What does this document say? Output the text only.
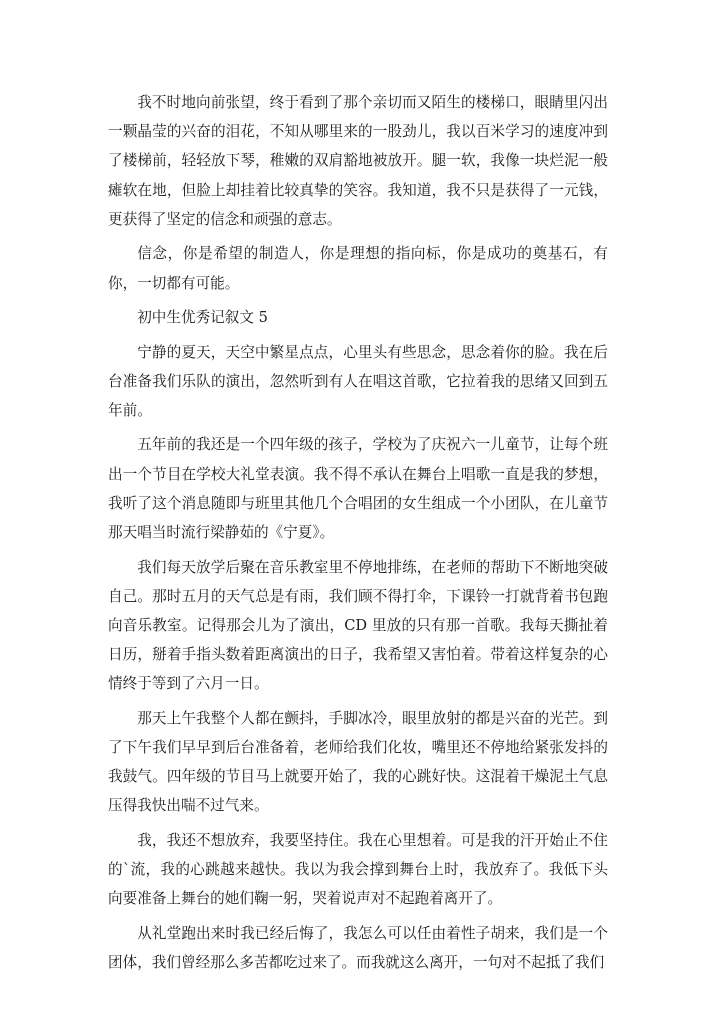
我不时地向前张望，终于看到了那个亲切而又陌生的楼梯口，眼睛里闪出一颗晶莹的兴奋的泪花，不知从哪里来的一股劲儿，我以百米学习的速度冲到了楼梯前，轻轻放下琴，稚嫩的双肩豁地被放开。腿一软，我像一块烂泥一般瘫软在地，但脸上却挂着比较真挚的笑容。我知道，我不只是获得了一元钱，更获得了坚定的信念和顽强的意志。

信念，你是希望的制造人，你是理想的指向标，你是成功的奠基石，有你，一切都有可能。

初中生优秀记叙文 5

宁静的夏天，天空中繁星点点，心里头有些思念，思念着你的脸。我在后台准备我们乐队的演出，忽然听到有人在唱这首歌，它拉着我的思绪又回到五年前。

五年前的我还是一个四年级的孩子，学校为了庆祝六一儿童节，让每个班出一个节目在学校大礼堂表演。我不得不承认在舞台上唱歌一直是我的梦想，我听了这个消息随即与班里其他几个合唱团的女生组成一个小团队，在儿童节那天唱当时流行梁静茹的《宁夏》。

我们每天放学后聚在音乐教室里不停地排练，在老师的帮助下不断地突破自己。那时五月的天气总是有雨，我们顾不得打伞，下课铃一打就背着书包跑向音乐教室。记得那会儿为了演出，CD 里放的只有那一首歌。我每天撕扯着日历，掰着手指头数着距离演出的日子，我希望又害怕着。带着这样复杂的心情终于等到了六月一日。

那天上午我整个人都在颤抖，手脚冰冷，眼里放射的都是兴奋的光芒。到了下午我们早早到后台准备着，老师给我们化妆，嘴里还不停地给紧张发抖的我鼓气。四年级的节目马上就要开始了，我的心跳好快。这混着干燥泥土气息压得我快出喘不过气来。

我，我还不想放弃，我要坚持住。我在心里想着。可是我的汗开始止不住的`流，我的心跳越来越快。我以为我会撑到舞台上时，我放弃了。我低下头向要准备上舞台的她们鞠一躬，哭着说声对不起跑着离开了。

从礼堂跑出来时我已经后悔了，我怎么可以任由着性子胡来，我们是一个团体，我们曾经那么多苦都吃过来了。而我就这么离开，一句对不起抵了我们
